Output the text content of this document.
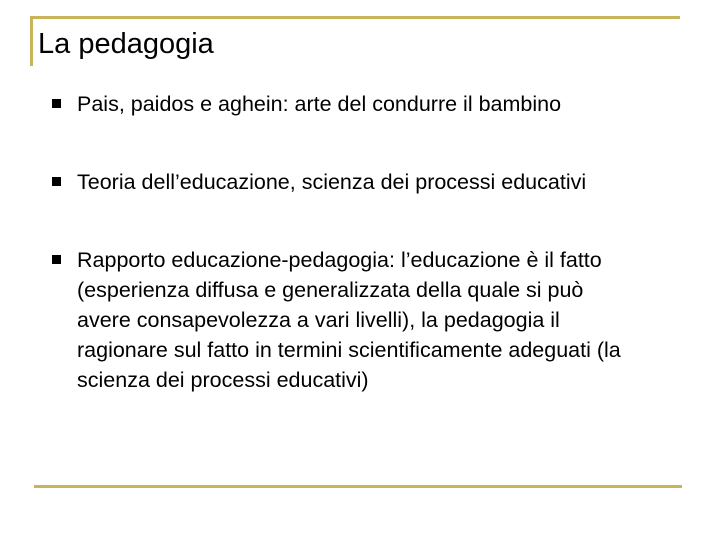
La pedagogia
Pais, paidos e aghein: arte del condurre il bambino
Teoria dell’educazione, scienza dei processi educativi
Rapporto educazione-pedagogia: l’educazione è il fatto (esperienza diffusa e generalizzata della quale si può avere consapevolezza a vari livelli), la pedagogia il ragionare sul fatto in termini scientificamente adeguati (la scienza dei processi educativi)
